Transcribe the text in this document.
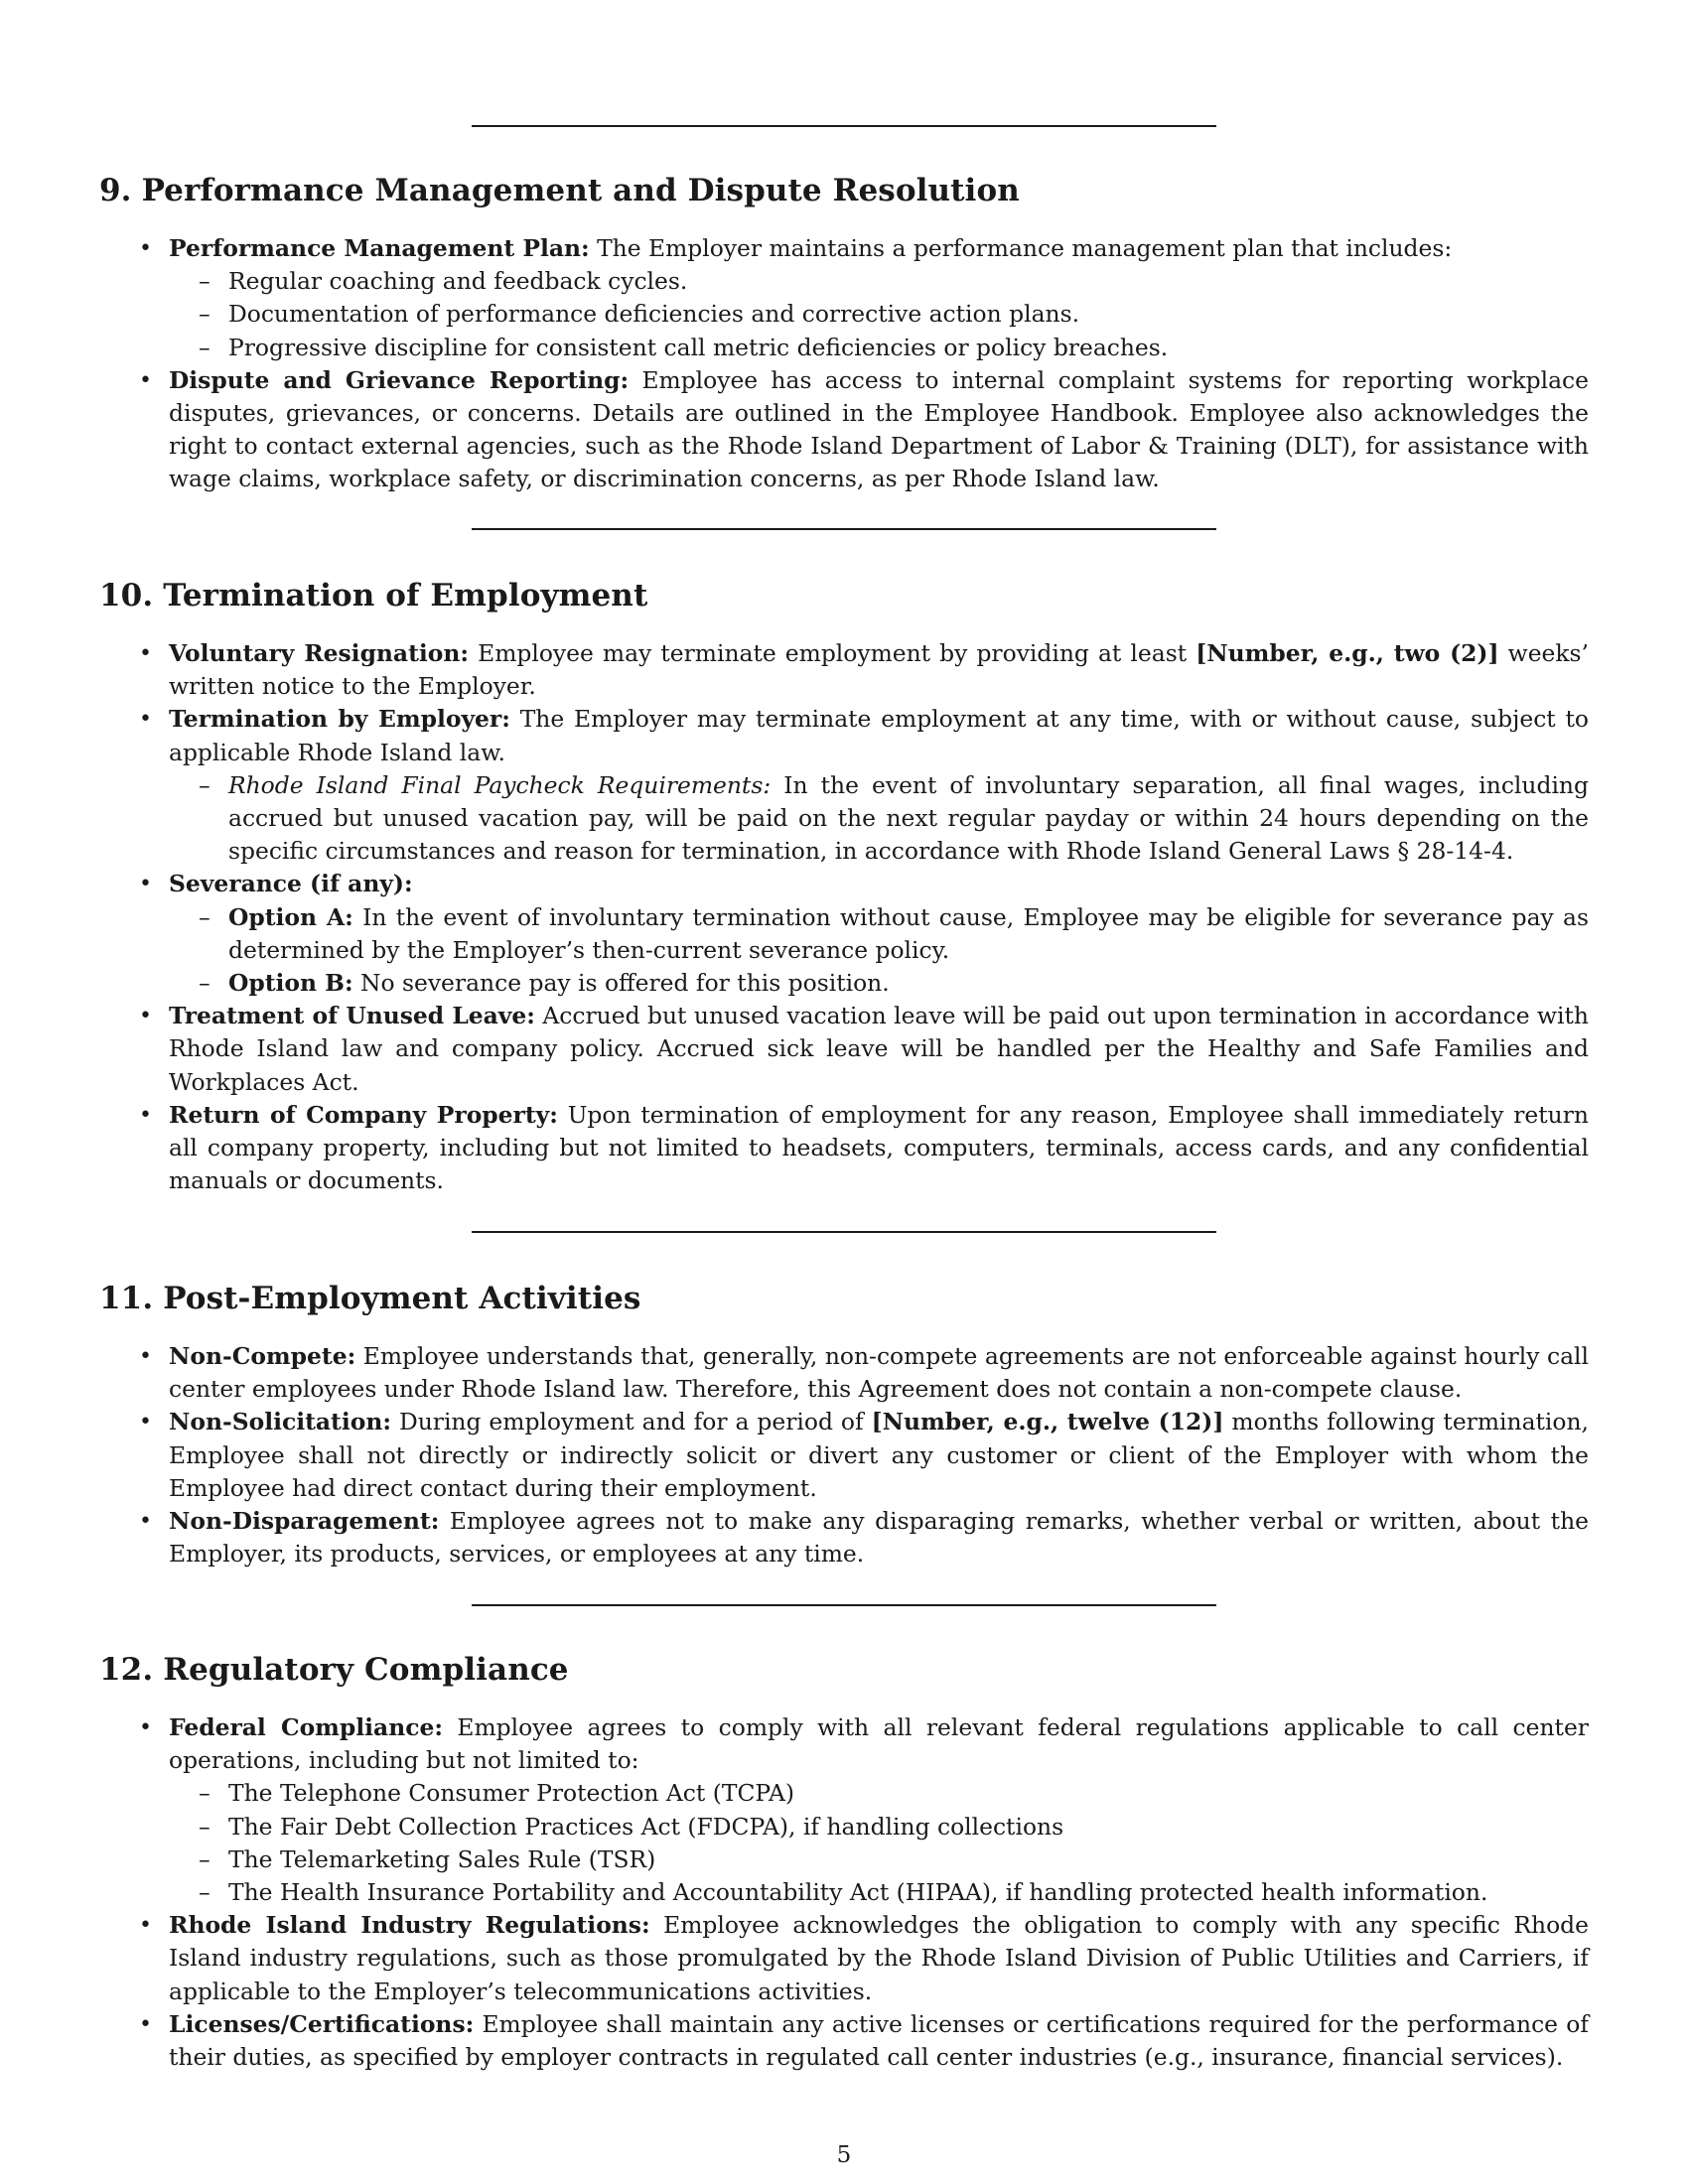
9. Performance Management and Dispute Resolution
• Performance Management Plan: The Employer maintains a performance management plan that includes:
– Regular coaching and feedback cycles.
– Documentation of performance deficiencies and corrective action plans.
– Progressive discipline for consistent call metric deficiencies or policy breaches.
• Dispute and Grievance Reporting: Employee has access to internal complaint systems for reporting workplace disputes, grievances, or concerns. Details are outlined in the Employee Handbook. Employee also acknowledges the right to contact external agencies, such as the Rhode Island Department of Labor & Training (DLT), for assistance with wage claims, workplace safety, or discrimination concerns, as per Rhode Island law.
10. Termination of Employment
• Voluntary Resignation: Employee may terminate employment by providing at least [Number, e.g., two (2)] weeks’ written notice to the Employer.
• Termination by Employer: The Employer may terminate employment at any time, with or without cause, subject to applicable Rhode Island law.
– Rhode Island Final Paycheck Requirements: In the event of involuntary separation, all final wages, including accrued but unused vacation pay, will be paid on the next regular payday or within 24 hours depending on the specific circumstances and reason for termination, in accordance with Rhode Island General Laws § 28-14-4.
• Severance (if any):
– Option A: In the event of involuntary termination without cause, Employee may be eligible for severance pay as determined by the Employer’s then-current severance policy.
– Option B: No severance pay is offered for this position.
• Treatment of Unused Leave: Accrued but unused vacation leave will be paid out upon termination in accordance with Rhode Island law and company policy. Accrued sick leave will be handled per the Healthy and Safe Families and Workplaces Act.
• Return of Company Property: Upon termination of employment for any reason, Employee shall immediately return all company property, including but not limited to headsets, computers, terminals, access cards, and any confidential manuals or documents.
11. Post-Employment Activities
• Non-Compete: Employee understands that, generally, non-compete agreements are not enforceable against hourly call center employees under Rhode Island law. Therefore, this Agreement does not contain a non-compete clause.
• Non-Solicitation: During employment and for a period of [Number, e.g., twelve (12)] months following termination, Employee shall not directly or indirectly solicit or divert any customer or client of the Employer with whom the Employee had direct contact during their employment.
• Non-Disparagement: Employee agrees not to make any disparaging remarks, whether verbal or written, about the Employer, its products, services, or employees at any time.
12. Regulatory Compliance
• Federal Compliance: Employee agrees to comply with all relevant federal regulations applicable to call center operations, including but not limited to:
– The Telephone Consumer Protection Act (TCPA)
– The Fair Debt Collection Practices Act (FDCPA), if handling collections
– The Telemarketing Sales Rule (TSR)
– The Health Insurance Portability and Accountability Act (HIPAA), if handling protected health information.
• Rhode Island Industry Regulations: Employee acknowledges the obligation to comply with any specific Rhode Island industry regulations, such as those promulgated by the Rhode Island Division of Public Utilities and Carriers, if applicable to the Employer’s telecommunications activities.
• Licenses/Certifications: Employee shall maintain any active licenses or certifications required for the performance of their duties, as specified by employer contracts in regulated call center industries (e.g., insurance, financial services).
5
